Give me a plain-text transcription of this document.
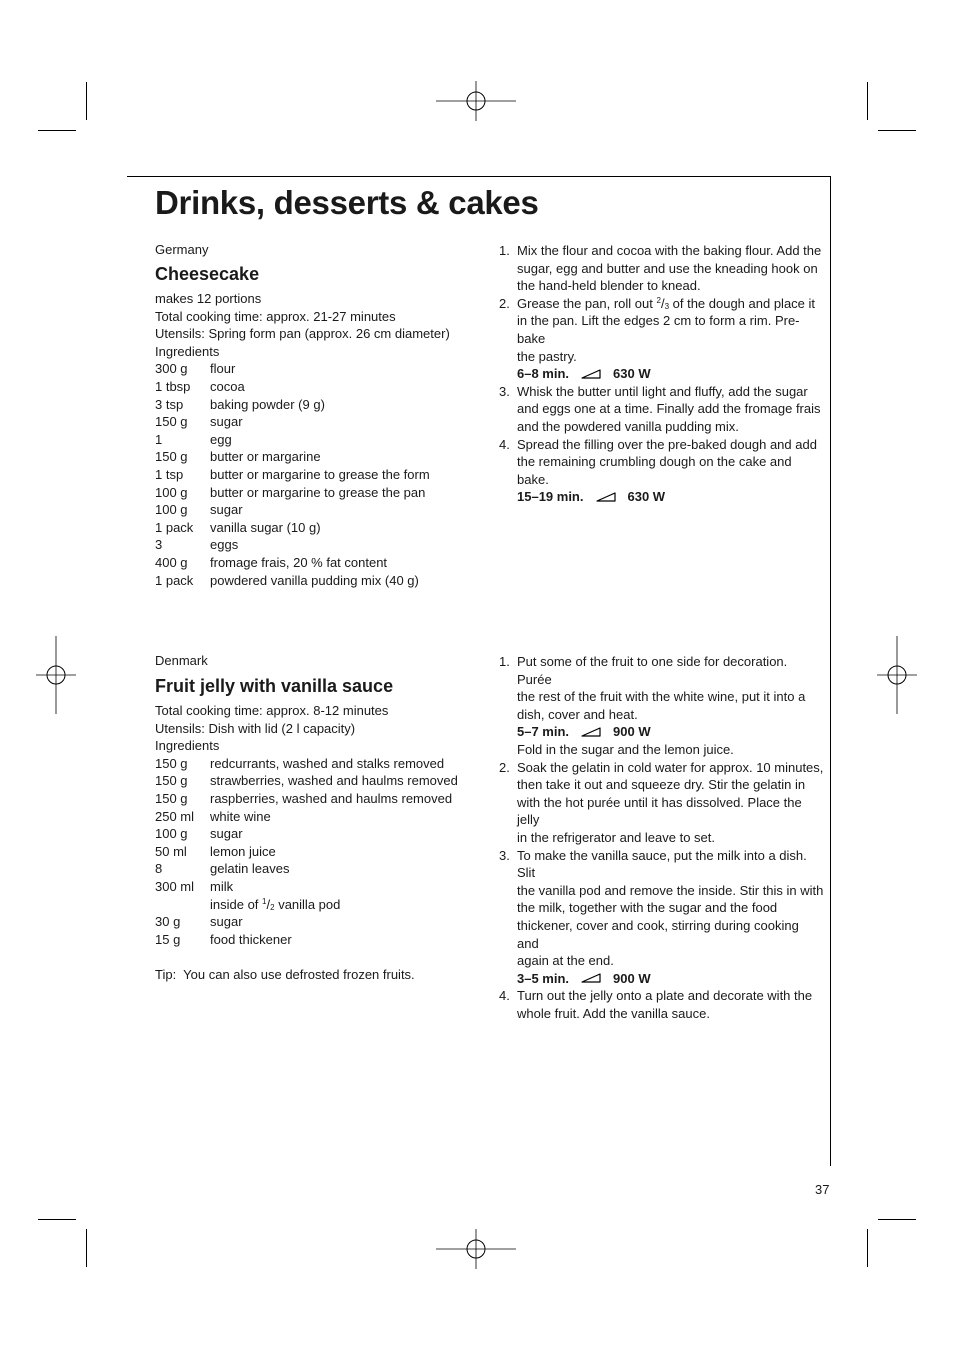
Drinks, desserts & cakes
Germany
Cheesecake
makes 12 portions
Total cooking time: approx. 21-27 minutes
Utensils: Spring form pan (approx. 26 cm diameter)
Ingredients
300 g	flour
1 tbsp	cocoa
3 tsp	baking powder (9 g)
150 g	sugar
1	egg
150 g	butter or margarine
1 tsp	butter or margarine to grease the form
100 g	butter or margarine to grease the pan
100 g	sugar
1 pack	vanilla sugar (10 g)
3	eggs
400 g	fromage frais, 20 % fat content
1 pack	powdered vanilla pudding mix (40 g)
1. Mix the flour and cocoa with the baking flour. Add the
sugar, egg and butter and use the kneading hook on
the hand-held blender to knead.
2. Grease the pan, roll out $^2/_3$ of the dough and place it
in the pan. Lift the edges 2 cm to form a rim. Pre-bake
the pastry.
6–8 min.	630 W
3. Whisk the butter until light and fluffy, add the sugar
and eggs one at a time. Finally add the fromage frais
and the powdered vanilla pudding mix.
4. Spread the filling over the pre-baked dough and add
the remaining crumbling dough on the cake and bake.
15–19 min.	630 W
Denmark
Fruit jelly with vanilla sauce
Total cooking time: approx. 8-12 minutes
Utensils: Dish with lid (2 l capacity)
Ingredients
150 g	redcurrants, washed and stalks removed
150 g	strawberries, washed and haulms removed
150 g	raspberries, washed and haulms removed
250 ml	white wine
100 g	sugar
50 ml	lemon juice
8	gelatin leaves
300 ml	milk
inside of $^1/_2$ vanilla pod
30 g	sugar
15 g	food thickener
Tip:  You can also use defrosted frozen fruits.
1. Put some of the fruit to one side for decoration. Purée
the rest of the fruit with the white wine, put it into a
dish, cover and heat.
5–7 min.	900 W
Fold in the sugar and the lemon juice.
2. Soak the gelatin in cold water for approx. 10 minutes,
then take it out and squeeze dry. Stir the gelatin in
with the hot purée until it has dissolved. Place the jelly
in the refrigerator and leave to set.
3. To make the vanilla sauce, put the milk into a dish. Slit
the vanilla pod and remove the inside. Stir this in with
the milk, together with the sugar and the food
thickener, cover and cook, stirring during cooking and
again at the end.
3–5 min.	900 W
4. Turn out the jelly onto a plate and decorate with the
whole fruit. Add the vanilla sauce.
37
